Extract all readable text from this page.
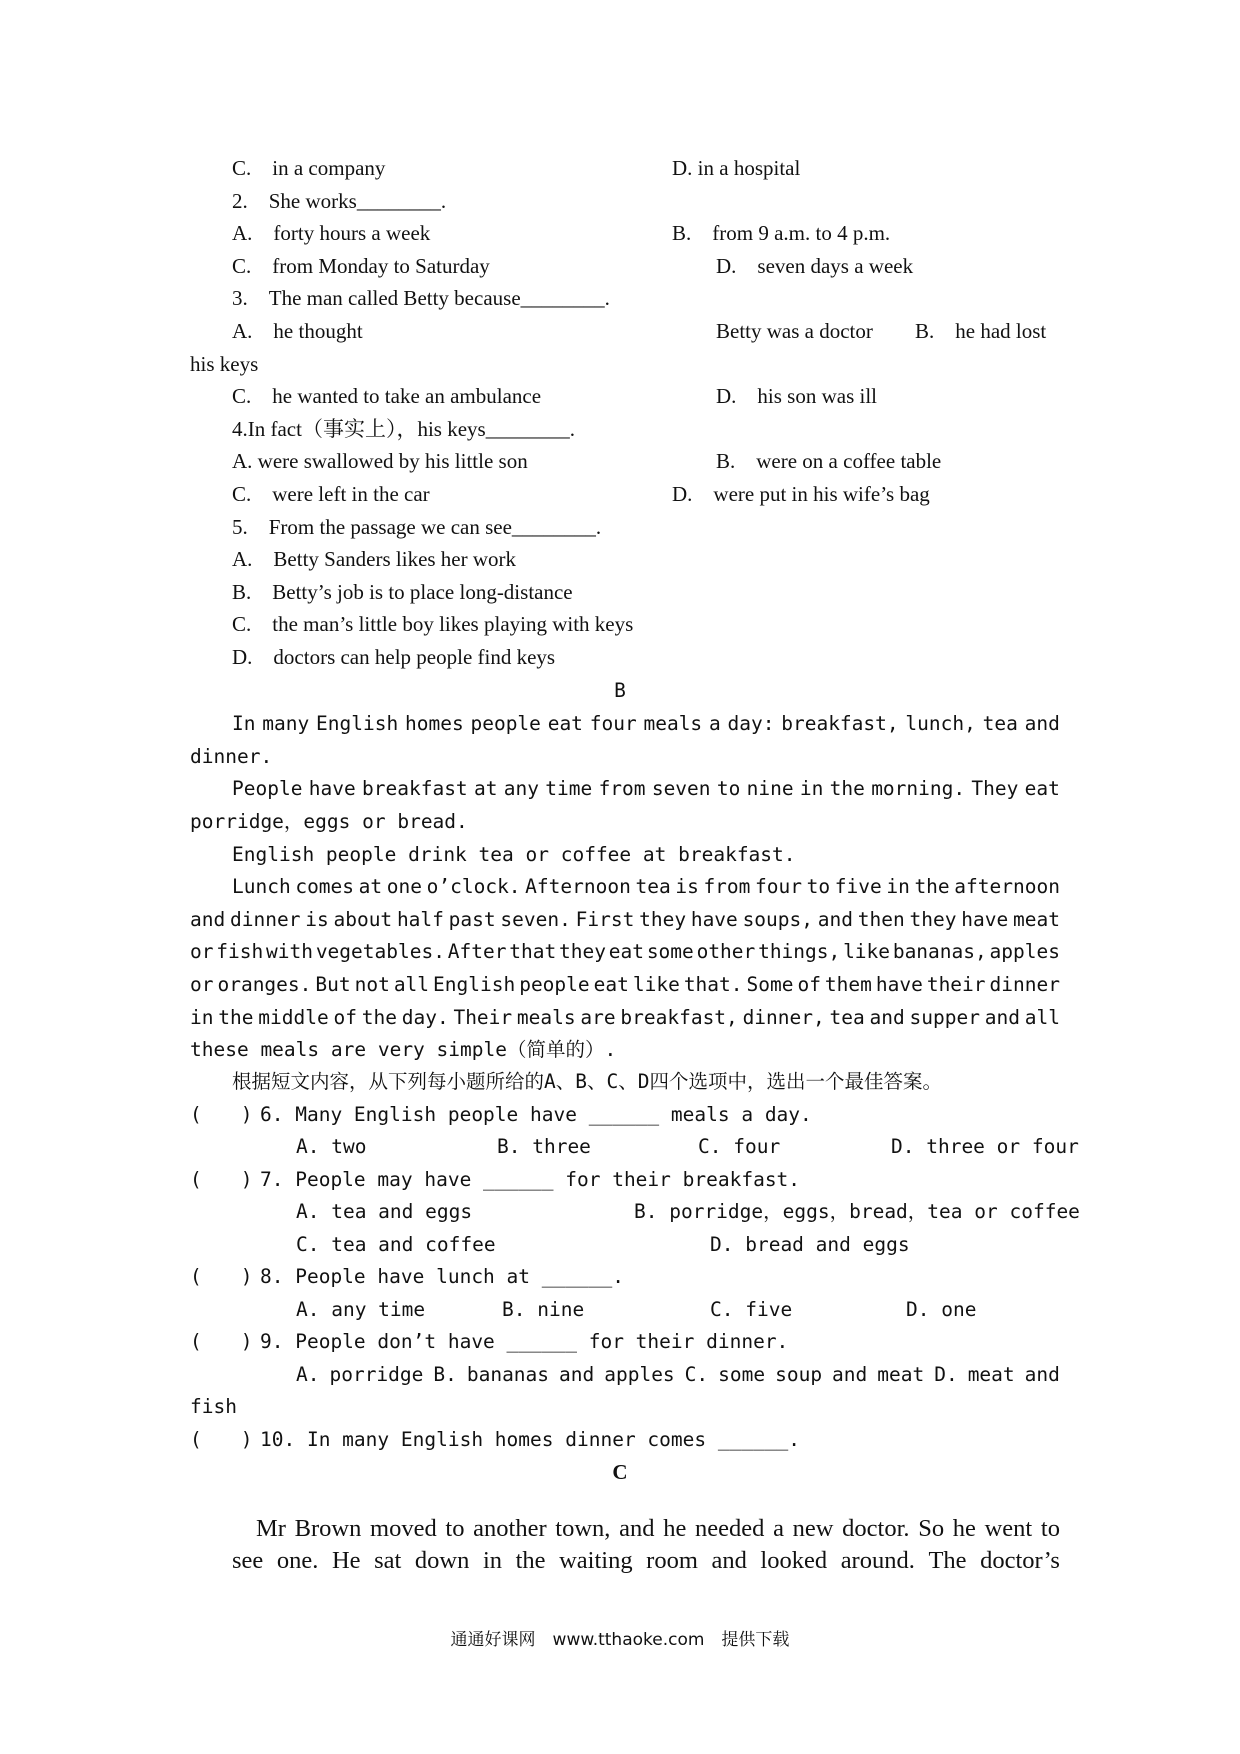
C.　in a company	D. in a hospital
2.　She works________.
A.　forty hours a week	B.　from 9 a.m. to 4 p.m.
C.　from Monday to Saturday	D.　seven days a week
3.　The man called Betty because________.
A.　he thought	Betty was a doctor B.　he had lost
his keys
C.　he wanted to take an ambulance	D.　his son was ill
4.In fact（事实上），his keys________.
A. were swallowed by his little son	B.　were on a coffee table
C.　were left in the car	D.　were put in his wife’s bag
5.　From the passage we can see________.
A.　Betty Sanders likes her work
B.　Betty’s job is to place long-distance
C.　the man’s little boy likes playing with keys
D.　doctors can help people find keys
B
In many English homes people eat four meals a day: breakfast, lunch, tea and
dinner.
People have breakfast at any time from seven to nine in the morning. They eat
porridge，eggs or bread.
English people drink tea or coffee at breakfast.
Lunch comes at one o’clock. Afternoon tea is from four to five in the afternoon
and dinner is about half past seven. First they have soups, and then they have meat
or fish with vegetables. After that they eat some other things, like bananas, apples
or oranges. But not all English people eat like that. Some of them have their dinner
in the middle of the day. Their meals are breakfast, dinner, tea and supper and all
these meals are very simple（简单的）.
根据短文内容，从下列每小题所给的A、B、C、D四个选项中，选出一个最佳答案。
(　　) 6. Many English people have ______ meals a day.
A. two	B. three	C. four	D. three or four
(　　) 7. People may have ______ for their breakfast.
A. tea and eggs	B. porridge，eggs，bread，tea or coffee
C. tea and coffee	D. bread and eggs
(　　) 8. People have lunch at ______.
A. any time	B. nine	C. five	D. one
(　　) 9. People don’t have ______ for their dinner.
A. porridge B. bananas and apples C. some soup and meat D. meat and
fish
(　　) 10. In many English homes dinner comes ______.
C
Mr Brown moved to another town, and he needed a new doctor. So he went to
see one. He sat down in the waiting room and looked around. The doctor’s
通通好课网　www.tthaoke.com　提供下载
